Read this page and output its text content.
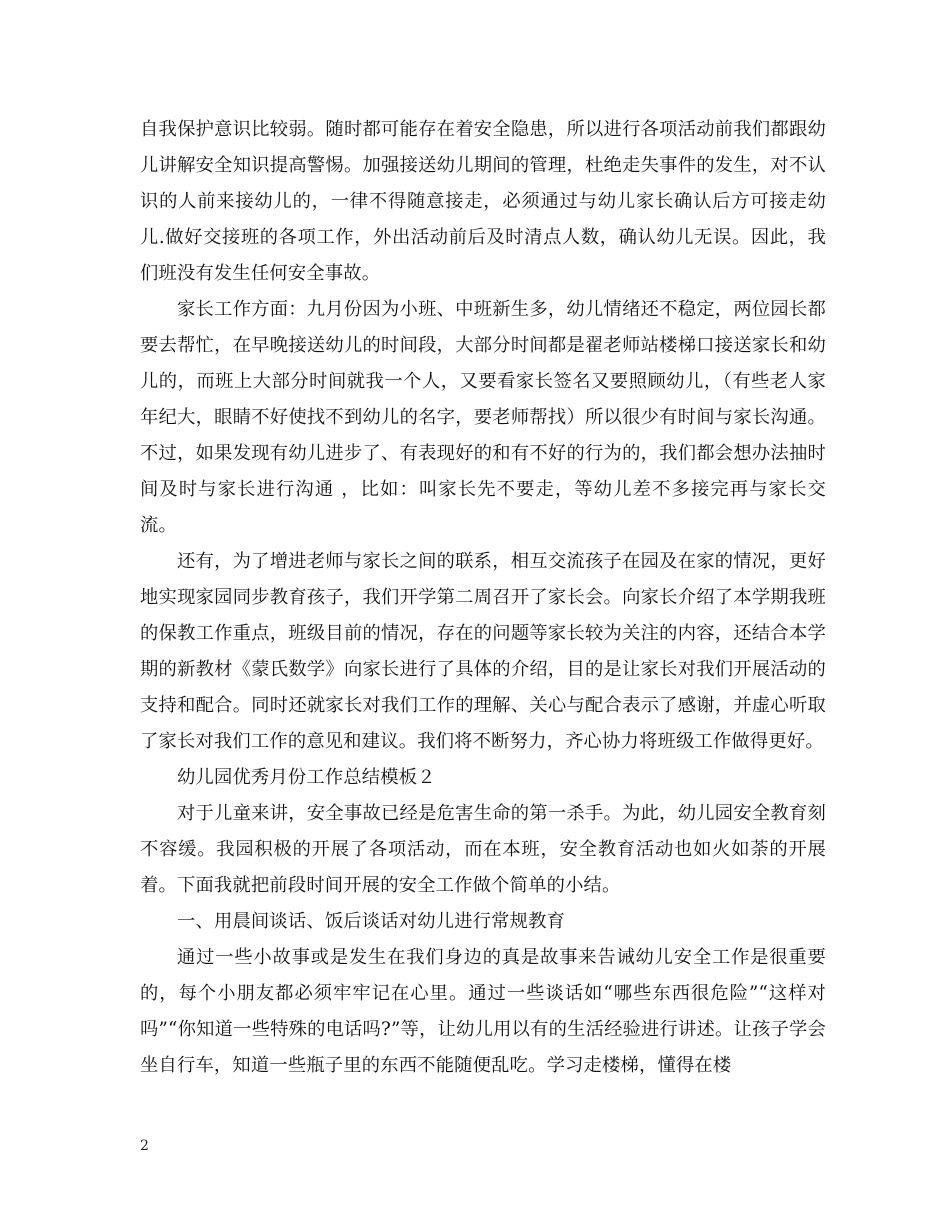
自我保护意识比较弱。随时都可能存在着安全隐患，所以进行各项活动前我们都跟幼儿讲解安全知识提高警惕。加强接送幼儿期间的管理，杜绝走失事件的发生，对不认识的人前来接幼儿的，一律不得随意接走，必须通过与幼儿家长确认后方可接走幼儿.做好交接班的各项工作，外出活动前后及时清点人数，确认幼儿无误。因此，我们班没有发生任何安全事故。

家长工作方面：九月份因为小班、中班新生多，幼儿情绪还不稳定，两位园长都要去帮忙，在早晚接送幼儿的时间段，大部分时间都是翟老师站楼梯口接送家长和幼儿的，而班上大部分时间就我一个人，又要看家长签名又要照顾幼儿，（有些老人家年纪大，眼睛不好使找不到幼儿的名字，要老师帮找）所以很少有时间与家长沟通。不过，如果发现有幼儿进步了、有表现好的和有不好的行为的，我们都会想办法抽时间及时与家长进行沟通 ，比如：叫家长先不要走，等幼儿差不多接完再与家长交流。

还有，为了增进老师与家长之间的联系，相互交流孩子在园及在家的情况，更好地实现家园同步教育孩子，我们开学第二周召开了家长会。向家长介绍了本学期我班的保教工作重点，班级目前的情况，存在的问题等家长较为关注的内容，还结合本学期的新教材《蒙氏数学》向家长进行了具体的介绍，目的是让家长对我们开展活动的支持和配合。同时还就家长对我们工作的理解、关心与配合表示了感谢，并虚心听取了家长对我们工作的意见和建议。我们将不断努力，齐心协力将班级工作做得更好。

幼儿园优秀月份工作总结模板２

对于儿童来讲，安全事故已经是危害生命的第一杀手。为此，幼儿园安全教育刻不容缓。我园积极的开展了各项活动，而在本班，安全教育活动也如火如荼的开展着。下面我就把前段时间开展的安全工作做个简单的小结。

一、用晨间谈话、饭后谈话对幼儿进行常规教育

通过一些小故事或是发生在我们身边的真是故事来告诫幼儿安全工作是很重要的，每个小朋友都必须牢牢记在心里。通过一些谈话如“哪些东西很危险”“这样对吗”“你知道一些特殊的电话吗?”等，让幼儿用以有的生活经验进行讲述。让孩子学会坐自行车，知道一些瓶子里的东西不能随便乱吃。学习走楼梯，懂得在楼

2
